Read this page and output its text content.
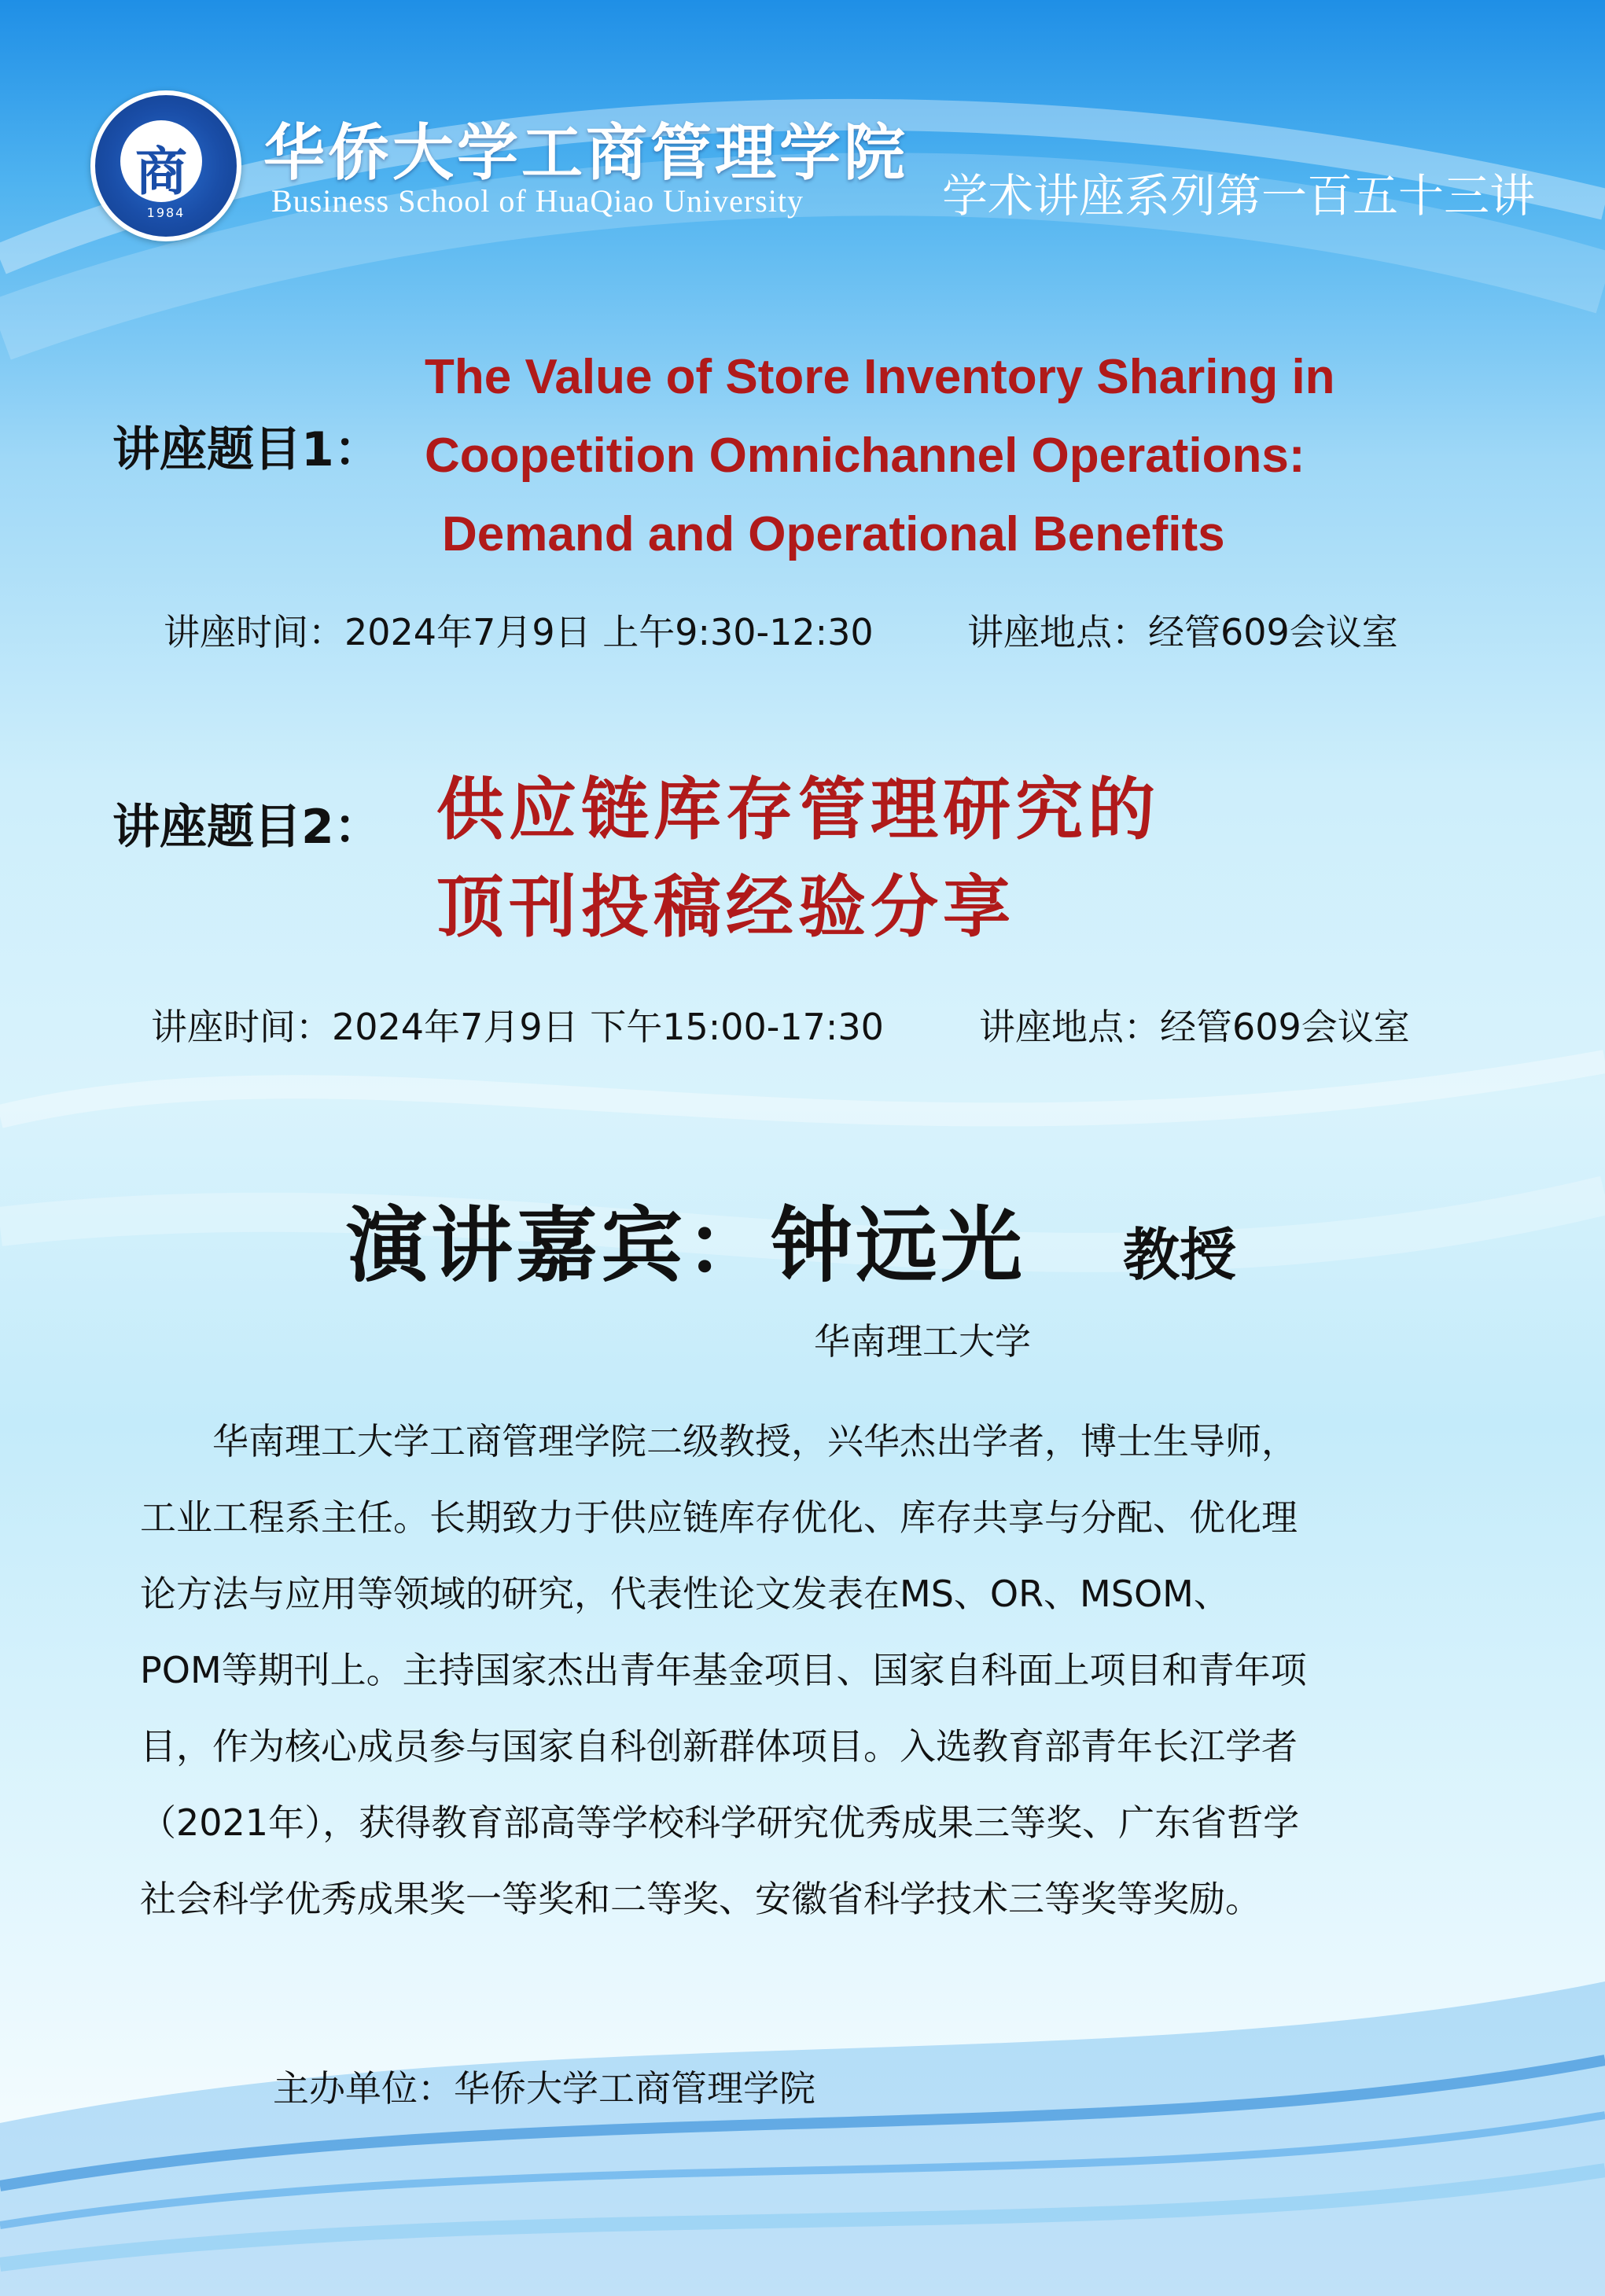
商
1984
华侨大学工商管理学院
Business School of HuaQiao University	学术讲座系列第一百五十三讲
讲座题目1：
The Value of Store Inventory Sharing in
Coopetition Omnichannel Operations:
Demand and Operational Benefits
讲座时间：2024年7月9日 上午9:30-12:30	讲座地点：经管609会议室
讲座题目2： 供应链库存管理研究的
顶刊投稿经验分享
讲座时间：2024年7月9日 下午15:00-17:30	讲座地点：经管609会议室
演讲嘉宾：钟远光 教授
华南理工大学
　　华南理工大学工商管理学院二级教授，兴华杰出学者，博士生导师，
工业工程系主任。长期致力于供应链库存优化、库存共享与分配、优化理
论方法与应用等领域的研究，代表性论文发表在MS、OR、MSOM、
POM等期刊上。主持国家杰出青年基金项目、国家自科面上项目和青年项
目，作为核心成员参与国家自科创新群体项目。入选教育部青年长江学者
（2021年），获得教育部高等学校科学研究优秀成果三等奖、广东省哲学
社会科学优秀成果奖一等奖和二等奖、安徽省科学技术三等奖等奖励。
主办单位：华侨大学工商管理学院
